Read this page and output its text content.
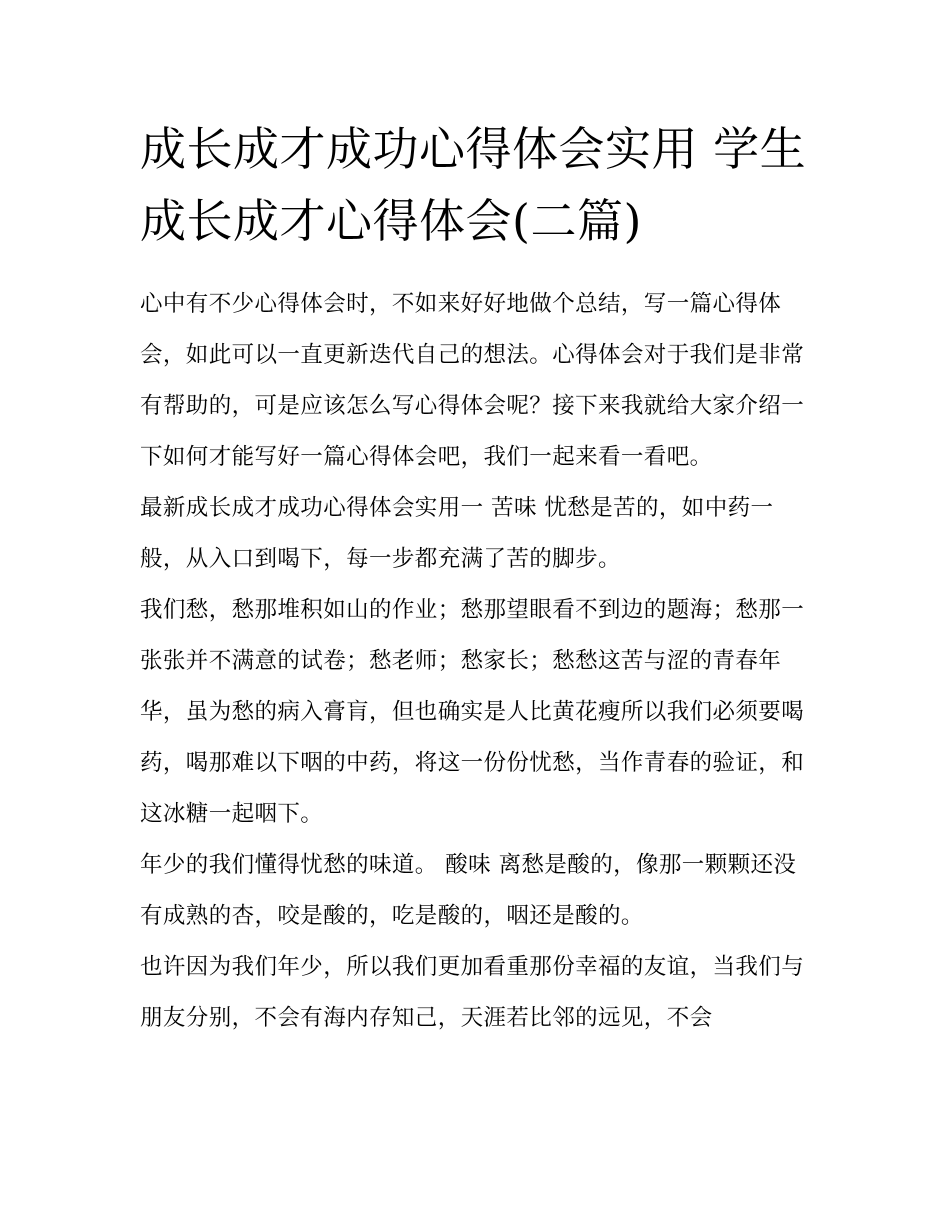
成长成才成功心得体会实用 学生成长成才心得体会(二篇)

心中有不少心得体会时，不如来好好地做个总结，写一篇心得体会，如此可以一直更新迭代自己的想法。心得体会对于我们是非常有帮助的，可是应该怎么写心得体会呢？接下来我就给大家介绍一下如何才能写好一篇心得体会吧，我们一起来看一看吧。

最新成长成才成功心得体会实用一 苦味 忧愁是苦的，如中药一般，从入口到喝下，每一步都充满了苦的脚步。

我们愁，愁那堆积如山的作业；愁那望眼看不到边的题海；愁那一张张并不满意的试卷；愁老师；愁家长；愁愁这苦与涩的青春年华，虽为愁的病入膏肓，但也确实是人比黄花瘦所以我们必须要喝药，喝那难以下咽的中药，将这一份份忧愁，当作青春的验证，和这冰糖一起咽下。

年少的我们懂得忧愁的味道。 酸味 离愁是酸的，像那一颗颗还没有成熟的杏，咬是酸的，吃是酸的，咽还是酸的。

也许因为我们年少，所以我们更加看重那份幸福的友谊，当我们与朋友分别，不会有海内存知己，天涯若比邻的远见，不会
